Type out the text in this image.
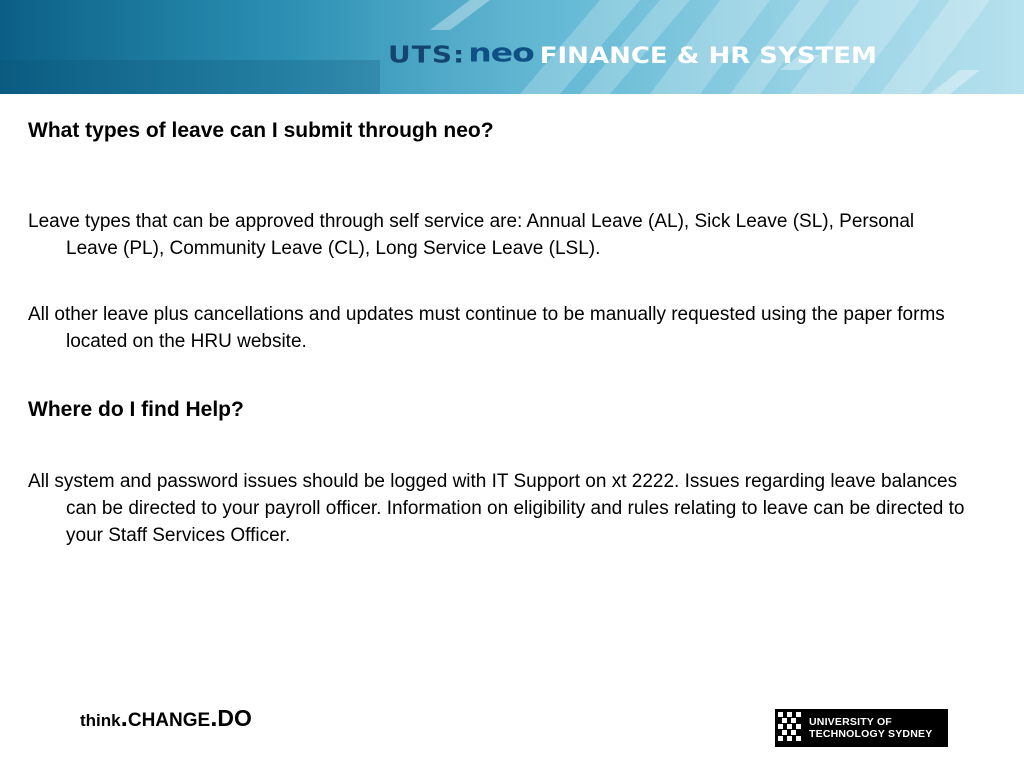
UTS: neo FINANCE & HR SYSTEM

What types of leave can I submit through neo?

Leave types that can be approved through self service are: Annual Leave (AL), Sick Leave (SL), Personal Leave (PL), Community Leave (CL), Long Service Leave (LSL).

All other leave plus cancellations and updates must continue to be manually requested using the paper forms located on the HRU website.

Where do I find Help?

All system and password issues should be logged with IT Support on xt 2222. Issues regarding leave balances can be directed to your payroll officer. Information on eligibility and rules relating to leave can be directed to your Staff Services Officer.

think.CHANGE.DO	UNIVERSITY OF
TECHNOLOGY SYDNEY
